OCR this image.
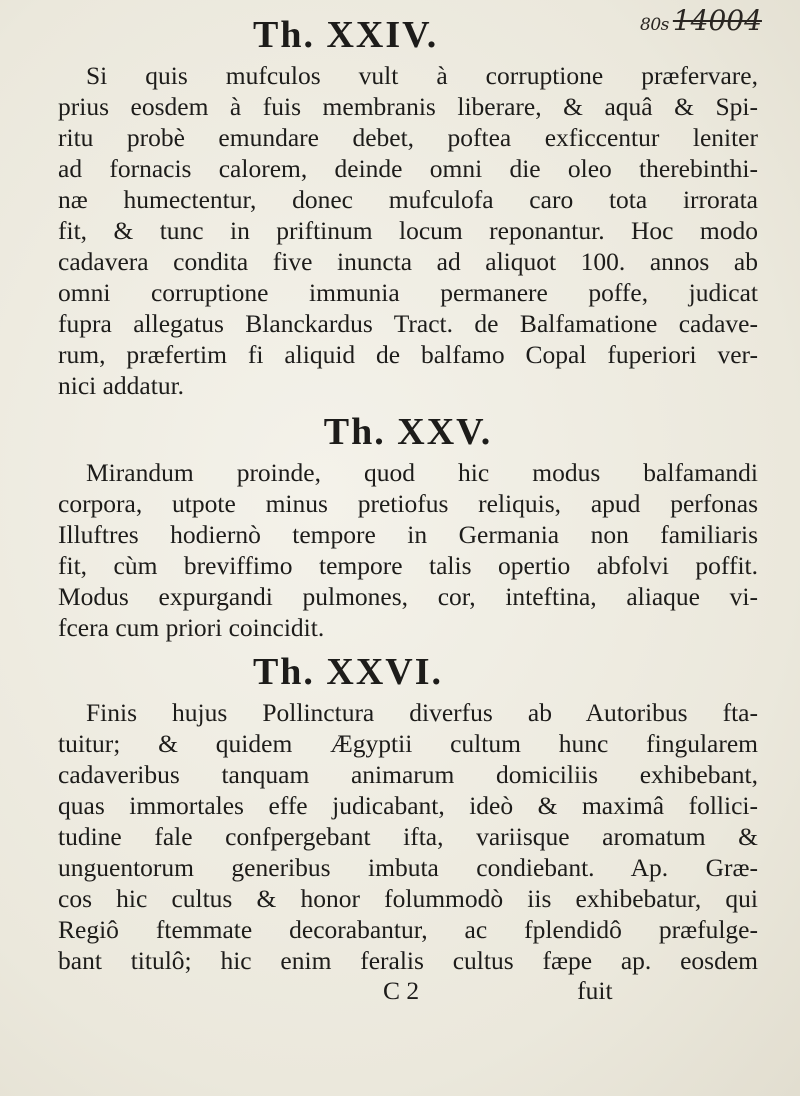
80s 14004
Th. XXIV.

Si quis mufculos vult à corruptione præfervare,
prius eosdem à fuis membranis liberare, & aquâ & Spi-
ritu probè emundare debet, poftea exficcentur leniter
ad fornacis calorem, deinde omni die oleo therebinthi-
næ humectentur, donec mufculofa caro tota irrorata
fit, & tunc in priftinum locum reponantur. Hoc modo
cadavera condita five inuncta ad aliquot 100. annos ab
omni corruptione immunia permanere poffe, judicat
fupra allegatus Blanckardus Tract. de Balfamatione cadave-
rum, præfertim fi aliquid de balfamo Copal fuperiori ver-
nici addatur.

Th. XXV.

Mirandum proinde, quod hic modus balfamandi
corpora, utpote minus pretiofus reliquis, apud perfonas
Illuftres hodiernò tempore in Germania non familiaris
fit, cùm breviffimo tempore talis opertio abfolvi poffit.
Modus expurgandi pulmones, cor, inteftina, aliaque vi-
fcera cum priori coincidit.

Th. XXVI.

Finis hujus Pollinctura diverfus ab Autoribus fta-
tuitur; & quidem Ægyptii cultum hunc fingularem
cadaveribus tanquam animarum domiciliis exhibebant,
quas immortales effe judicabant, ideò & maximâ follici-
tudine fale confpergebant ifta, variisque aromatum &
unguentorum generibus imbuta condiebant. Ap. Græ-
cos hic cultus & honor folummodò iis exhibebatur, qui
Regiô ftemmate decorabantur, ac fplendidô præfulge-
bant titulô; hic enim feralis cultus fæpe ap. eosdem

C 2	fuit
